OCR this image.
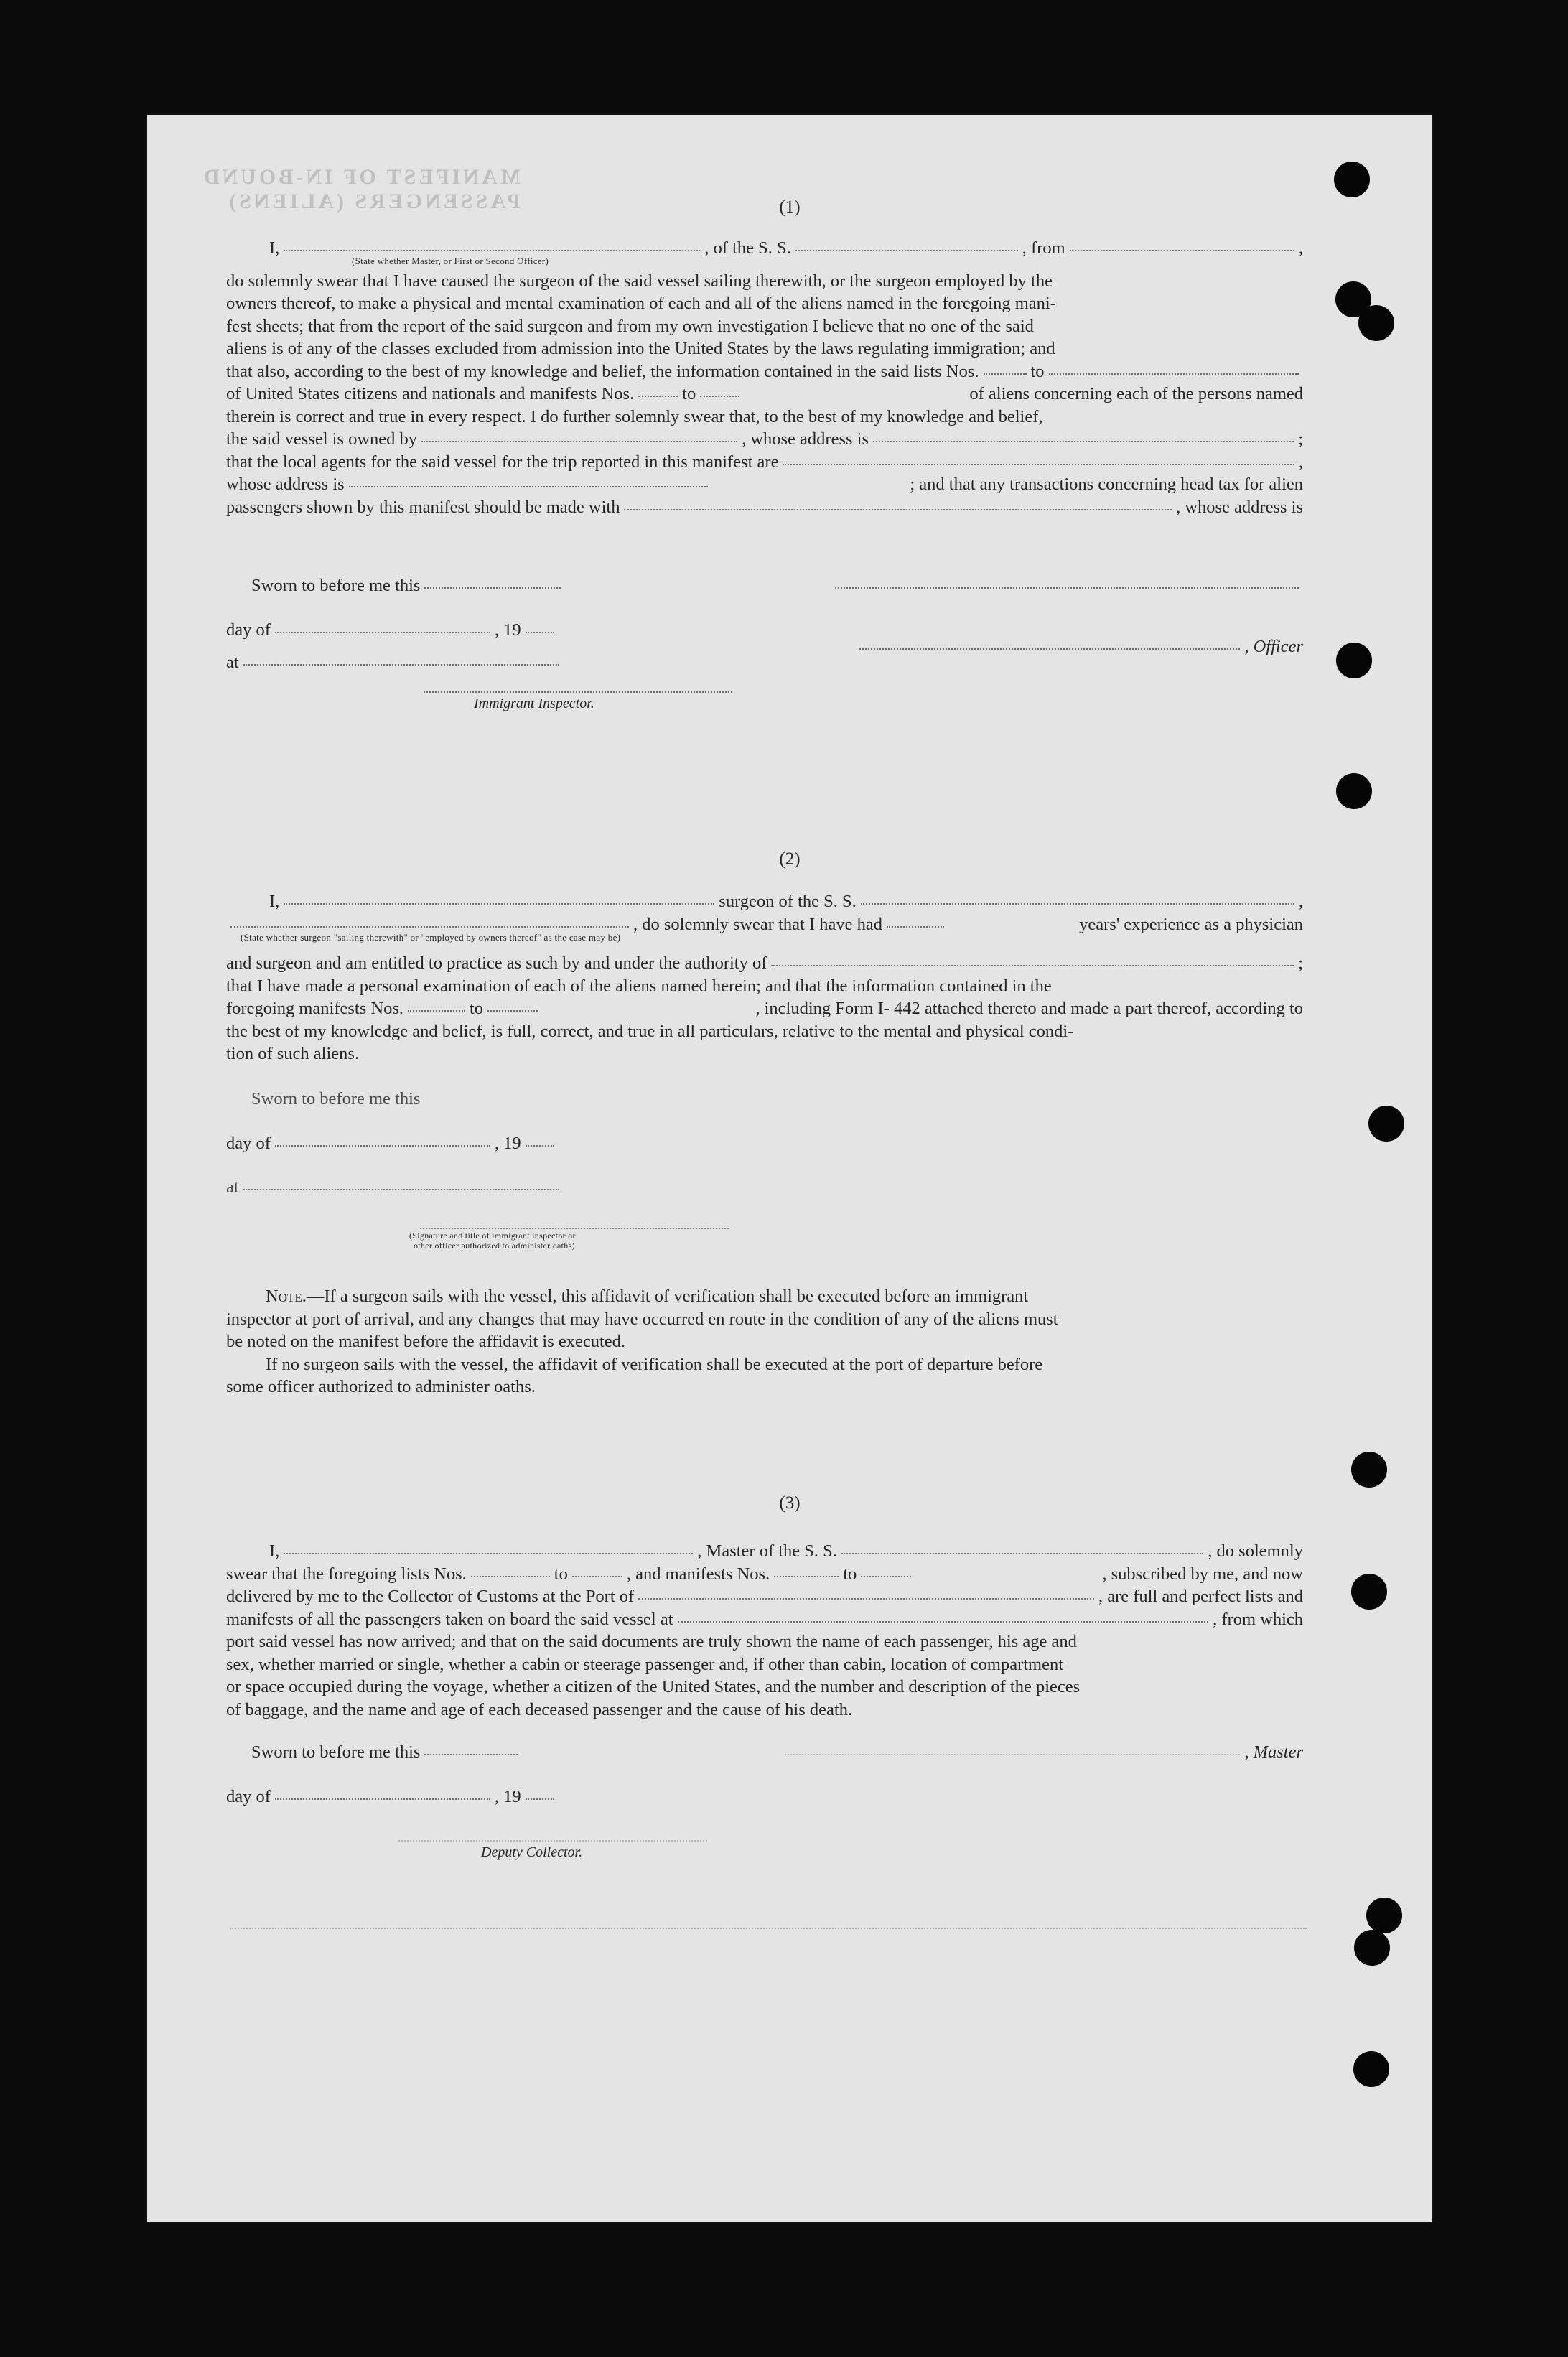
MANIFEST OF IN-BOUND PASSENGERS (ALIENS)	(1)
I,	, of the S. S.	, from	,
(State whether Master, or First or Second Officer)
do solemnly swear that I have caused the surgeon of the said vessel sailing therewith, or the surgeon employed by the
owners thereof, to make a physical and mental examination of each and all of the aliens named in the foregoing mani-
fest sheets; that from the report of the said surgeon and from my own investigation I believe that no one of the said
aliens is of any of the classes excluded from admission into the United States by the laws regulating immigration; and
that also, according to the best of my knowledge and belief, the information contained in the said lists Nos.	to
of United States citizens and nationals and manifests Nos.	to	of aliens concerning each of the persons named
therein is correct and true in every respect. I do further solemnly swear that, to the best of my knowledge and belief,
the said vessel is owned by	, whose address is	;
that the local agents for the said vessel for the trip reported in this manifest are	,
whose address is	; and that any transactions concerning head tax for alien
passengers shown by this manifest should be made with	, whose address is
Sworn to before me this
day of	, 19
, Officer
at
Immigrant Inspector.
(2)
I,	surgeon of the S. S.	,
, do solemnly swear that I have had	years' experience as a physician
(State whether surgeon "sailing therewith" or "employed by owners thereof" as the case may be)
and surgeon and am entitled to practice as such by and under the authority of	;
that I have made a personal examination of each of the aliens named herein; and that the information contained in the
foregoing manifests Nos.	to	, including Form I- 442 attached thereto and made a part thereof, according to
the best of my knowledge and belief, is full, correct, and true in all particulars, relative to the mental and physical condi-
tion of such aliens.
Sworn to before me this
day of	, 19
at
(Signature and title of immigrant inspector or
other officer authorized to administer oaths)
Note.—If a surgeon sails with the vessel, this affidavit of verification shall be executed before an immigrant
inspector at port of arrival, and any changes that may have occurred en route in the condition of any of the aliens must
be noted on the manifest before the affidavit is executed.
If no surgeon sails with the vessel, the affidavit of verification shall be executed at the port of departure before
some officer authorized to administer oaths.
(3)
I,	, Master of the S. S.	, do solemnly
swear that the foregoing lists Nos.	to	, and manifests Nos.	to	, subscribed by me, and now
delivered by me to the Collector of Customs at the Port of	, are full and perfect lists and
manifests of all the passengers taken on board the said vessel at	, from which
port said vessel has now arrived; and that on the said documents are truly shown the name of each passenger, his age and
sex, whether married or single, whether a cabin or steerage passenger and, if other than cabin, location of compartment
or space occupied during the voyage, whether a citizen of the United States, and the number and description of the pieces
of baggage, and the name and age of each deceased passenger and the cause of his death.
Sworn to before me this	, Master
day of	, 19
Deputy Collector.
